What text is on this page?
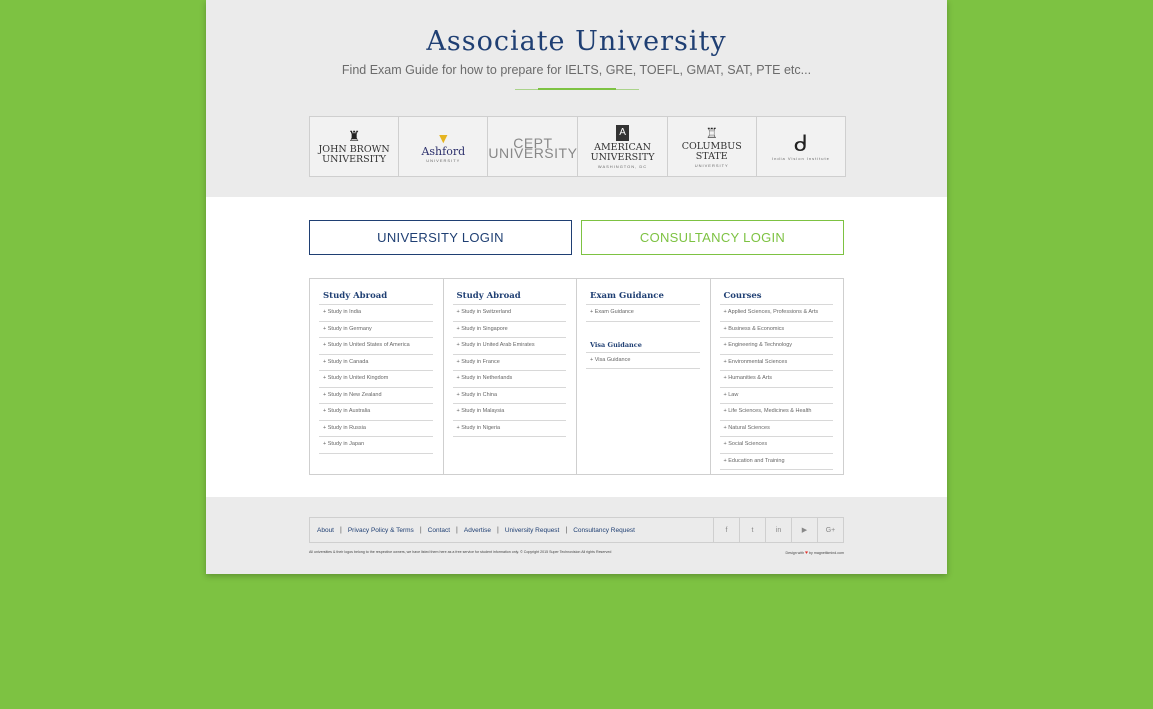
Associate University
Find Exam Guide for how to prepare for IELTS, GRE, TOEFL, GMAT, SAT, PTE etc...
♜
JOHN BROWN UNIVERSITY
▼
Ashford
UNIVERSITY
CEPT UNIVERSITY
A
AMERICAN UNIVERSITY
WASHINGTON, DC
♖
COLUMBUS STATE
UNIVERSITY
ᑯ
India Vision Institute
UNIVERSITY LOGIN	CONSULTANCY LOGIN
Study Abroad
+ Study in India
+ Study in Germany
+ Study in United States of America
+ Study in Canada
+ Study in United Kingdom
+ Study in New Zealand
+ Study in Australia
+ Study in Russia
+ Study in Japan
Study Abroad
+ Study in Switzerland
+ Study in Singapore
+ Study in United Arab Emirates
+ Study in France
+ Study in Netherlands
+ Study in China
+ Study in Malaysia
+ Study in Nigeria
Exam Guidance
+ Exam Guidance
Visa Guidance
+ Visa Guidance
Courses
+ Applied Sciences, Professions & Arts
+ Business & Economics
+ Engineering & Technology
+ Environmental Sciences
+ Humanities & Arts
+ Law
+ Life Sciences, Medicines & Health
+ Natural Sciences
+ Social Sciences
+ Education and Training
About | Privacy Policy & Terms | Contact | Advertise | University Request | Consultancy Request	f	t	in	▶	G+
All universities & their logos belong to the respective owners, we have listed them here as a free service for student information only. © Copyright 2015 Super Technovision All rights Reserved	Design with ♥ by magnetikmind.com
